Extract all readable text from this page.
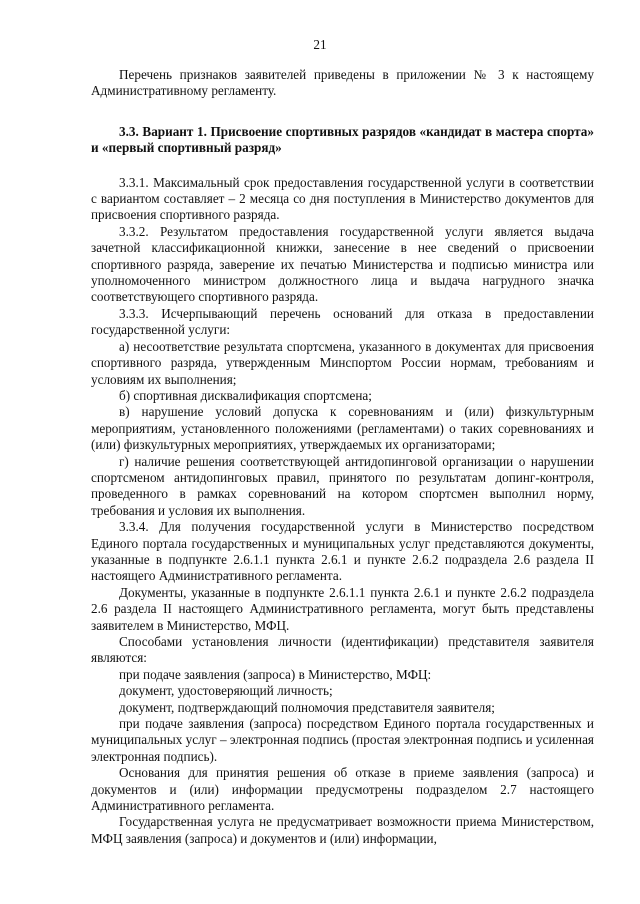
21

Перечень признаков заявителей приведены в приложении № 3 к настоящему Административному регламенту.

3.3. Вариант 1. Присвоение спортивных разрядов «кандидат в мастера спорта» и «первый спортивный разряд»

3.3.1. Максимальный срок предоставления государственной услуги в соответствии с вариантом составляет – 2 месяца со дня поступления в Министерство документов для присвоения спортивного разряда.

3.3.2. Результатом предоставления государственной услуги является выдача зачетной классификационной книжки, занесение в нее сведений о присвоении спортивного разряда, заверение их печатью Министерства и подписью министра или уполномоченного министром должностного лица и выдача нагрудного значка соответствующего спортивного разряда.

3.3.3. Исчерпывающий перечень оснований для отказа в предоставлении государственной услуги:

а) несоответствие результата спортсмена, указанного в документах для присвоения спортивного разряда, утвержденным Минспортом России нормам, требованиям и условиям их выполнения;

б) спортивная дисквалификация спортсмена;

в) нарушение условий допуска к соревнованиям и (или) физкультурным мероприятиям, установленного положениями (регламентами) о таких соревнованиях и (или) физкультурных мероприятиях, утверждаемых их организаторами;

г) наличие решения соответствующей антидопинговой организации о нарушении спортсменом антидопинговых правил, принятого по результатам допинг-контроля, проведенного в рамках соревнований на котором спортсмен выполнил норму, требования и условия их выполнения.

3.3.4. Для получения государственной услуги в Министерство посредством Единого портала государственных и муниципальных услуг представляются документы, указанные в подпункте 2.6.1.1 пункта 2.6.1 и пункте 2.6.2 подраздела 2.6 раздела II настоящего Административного регламента.

Документы, указанные в подпункте 2.6.1.1 пункта 2.6.1 и пункте 2.6.2 подраздела 2.6 раздела II настоящего Административного регламента, могут быть представлены заявителем в Министерство, МФЦ.

Способами установления личности (идентификации) представителя заявителя являются:

при подаче заявления (запроса) в Министерство, МФЦ:

документ, удостоверяющий личность;

документ, подтверждающий полномочия представителя заявителя;

при подаче заявления (запроса) посредством Единого портала государственных и муниципальных услуг – электронная подпись (простая электронная подпись и усиленная электронная подпись).

Основания для принятия решения об отказе в приеме заявления (запроса) и документов и (или) информации предусмотрены подразделом 2.7 настоящего Административного регламента.

Государственная услуга не предусматривает возможности приема Министерством, МФЦ заявления (запроса) и документов и (или) информации,
